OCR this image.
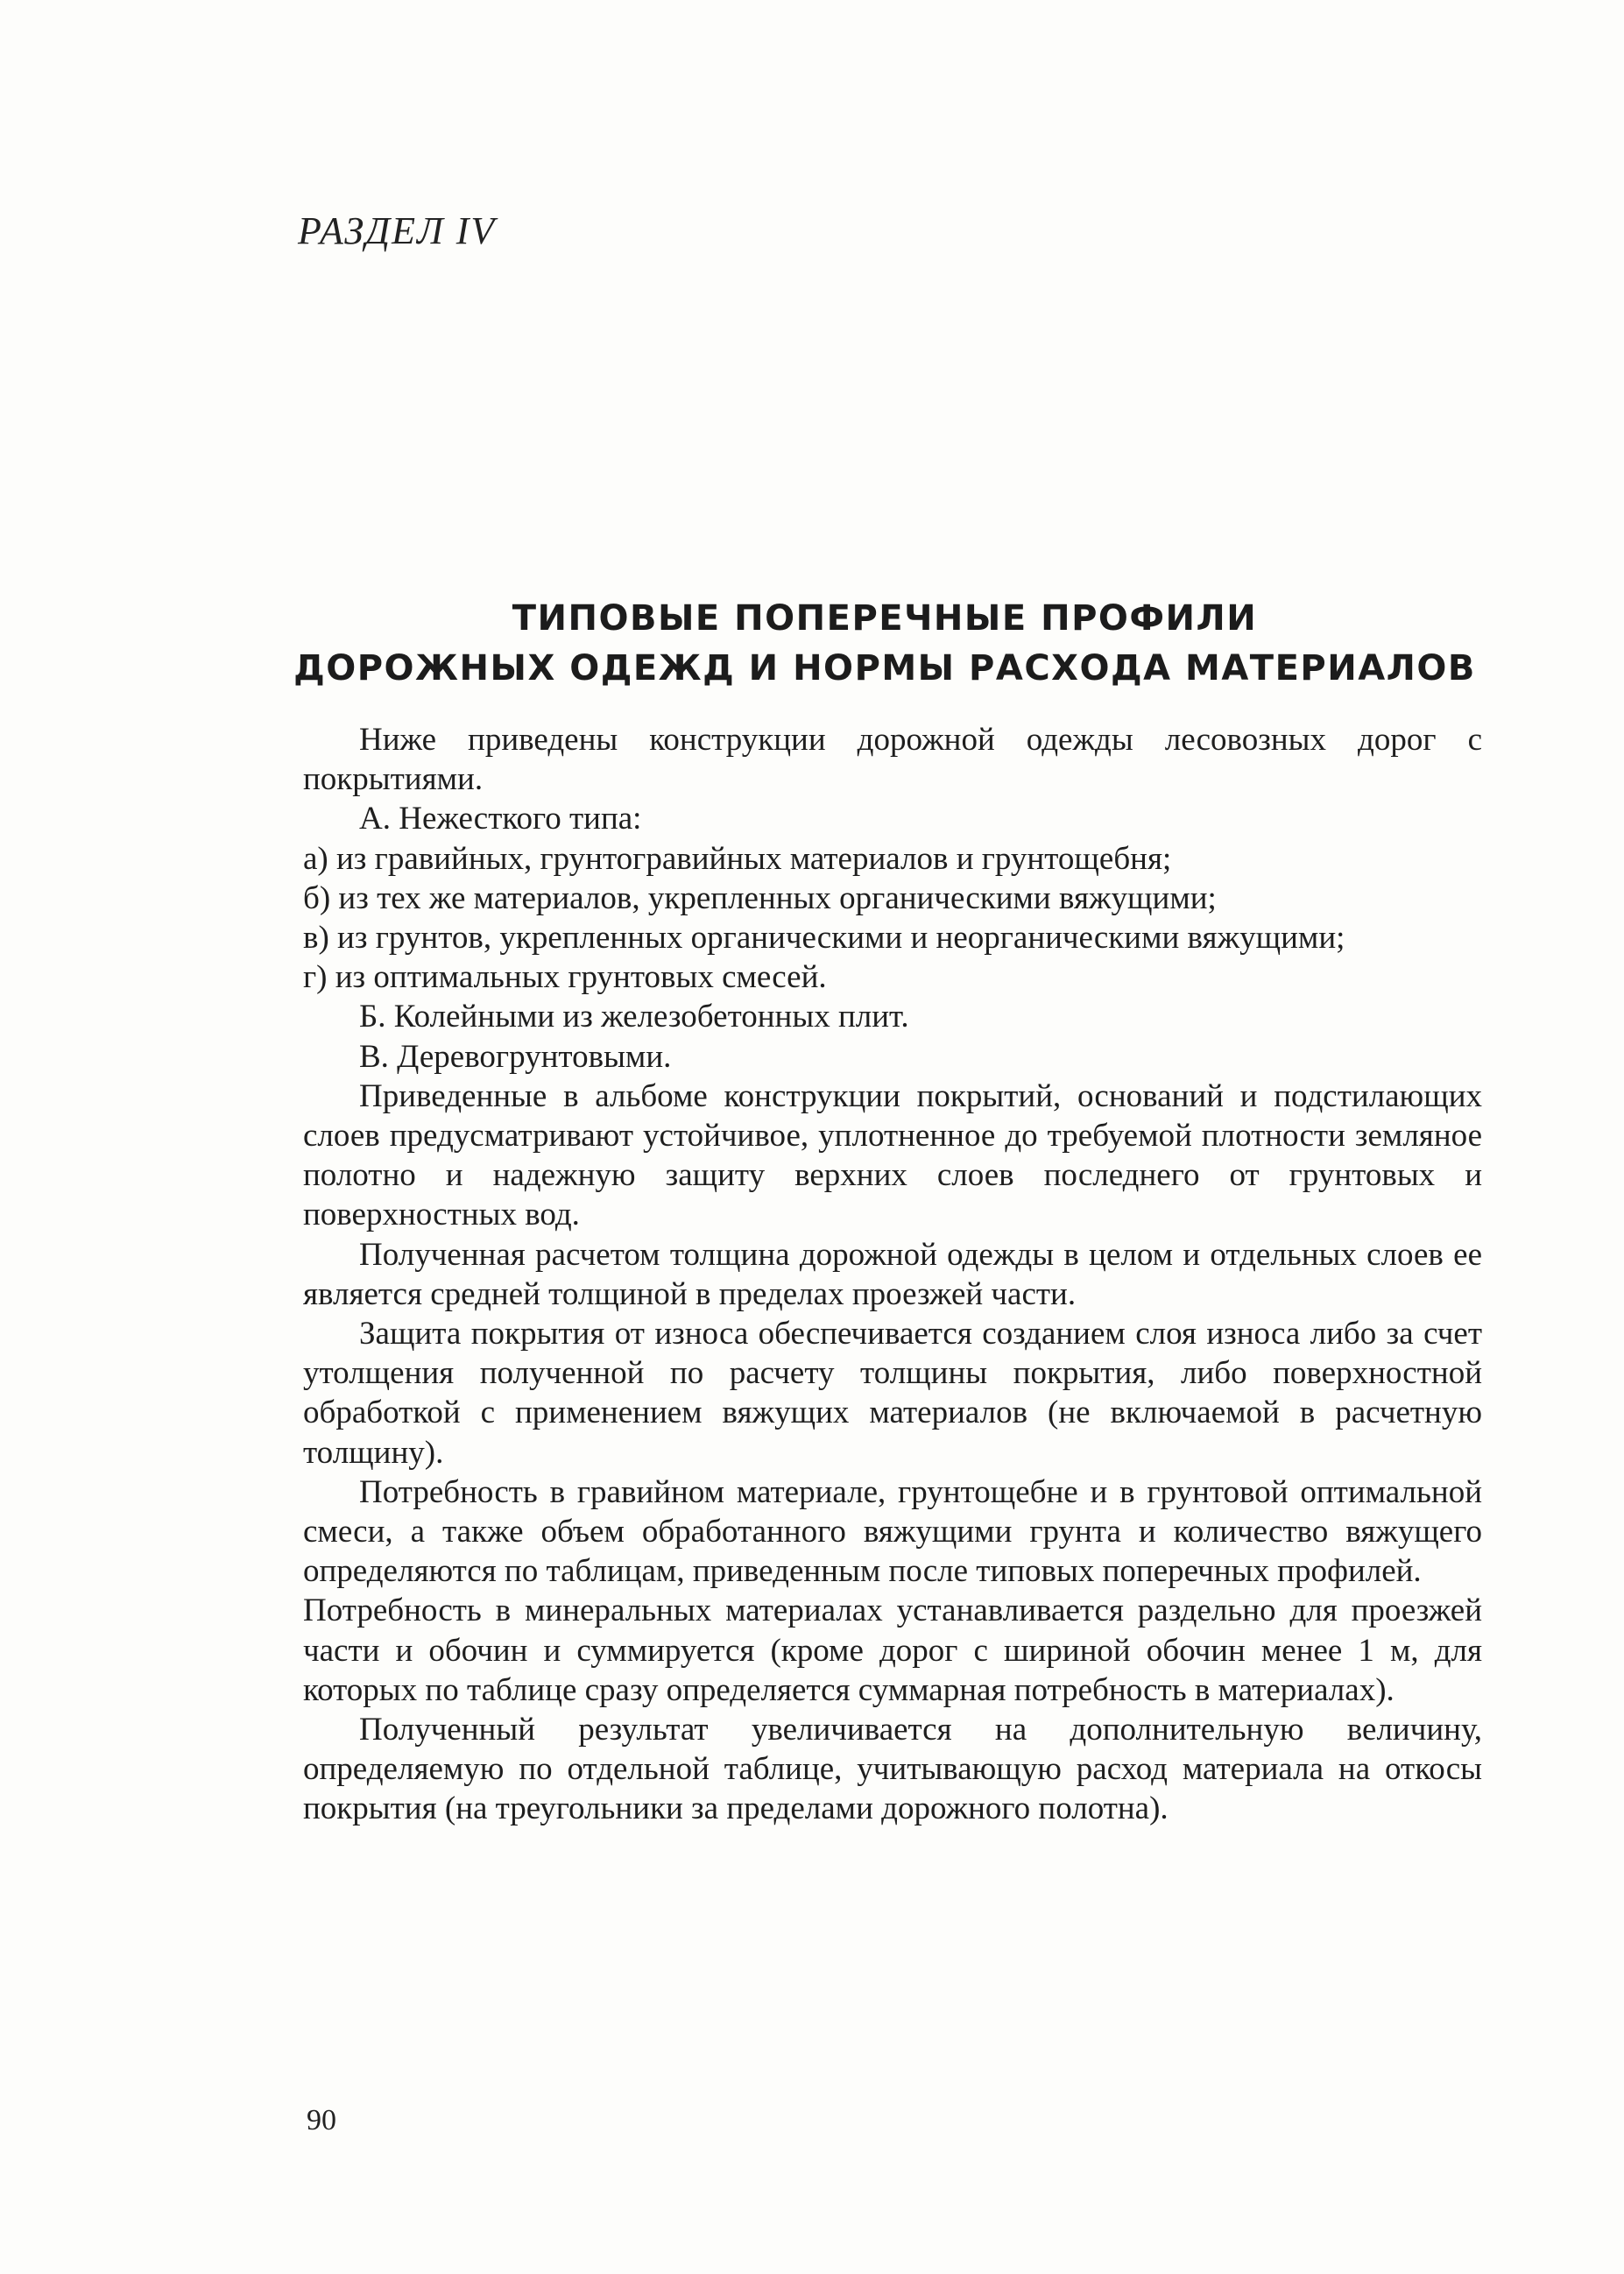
РАЗДЕЛ IV
ТИПОВЫЕ ПОПЕРЕЧНЫЕ ПРОФИЛИ
ДОРОЖНЫХ ОДЕЖД И НОРМЫ РАСХОДА МАТЕРИАЛОВ

Ниже приведены конструкции дорожной одежды лесовозных дорог с покрытиями.

А. Нежесткого типа:

а) из гравийных, грунтогравийных материалов и грунтощебня;

б) из тех же материалов, укрепленных органическими вяжущими;

в) из грунтов, укрепленных органическими и неорганическими вяжущими;

г) из оптимальных грунтовых смесей.

Б. Колейными из железобетонных плит.

В. Деревогрунтовыми.

Приведенные в альбоме конструкции покрытий, оснований и подстилающих слоев предусматривают устойчивое, уплотненное до требуемой плотности земляное полотно и надежную защиту верхних слоев последнего от грунтовых и поверхностных вод.

Полученная расчетом толщина дорожной одежды в целом и отдельных слоев ее является средней толщиной в пределах проезжей части.

Защита покрытия от износа обеспечивается созданием слоя износа либо за счет утолщения полученной по расчету толщины покрытия, либо поверхностной обработкой с применением вяжущих материалов (не включаемой в расчетную толщину).

Потребность в гравийном материале, грунтощебне и в грунтовой оптимальной смеси, а также объем обработанного вяжущими грунта и количество вяжущего определяются по таблицам, приведенным после типовых поперечных профилей.

Потребность в минеральных материалах устанавливается раздельно для проезжей части и обочин и суммируется (кроме дорог с шириной обочин менее 1 м, для которых по таблице сразу определяется суммарная потребность в материалах).

Полученный результат увеличивается на дополнительную величину, определяемую по отдельной таблице, учитывающую расход материала на откосы покрытия (на треугольники за пределами дорожного полотна).

90
